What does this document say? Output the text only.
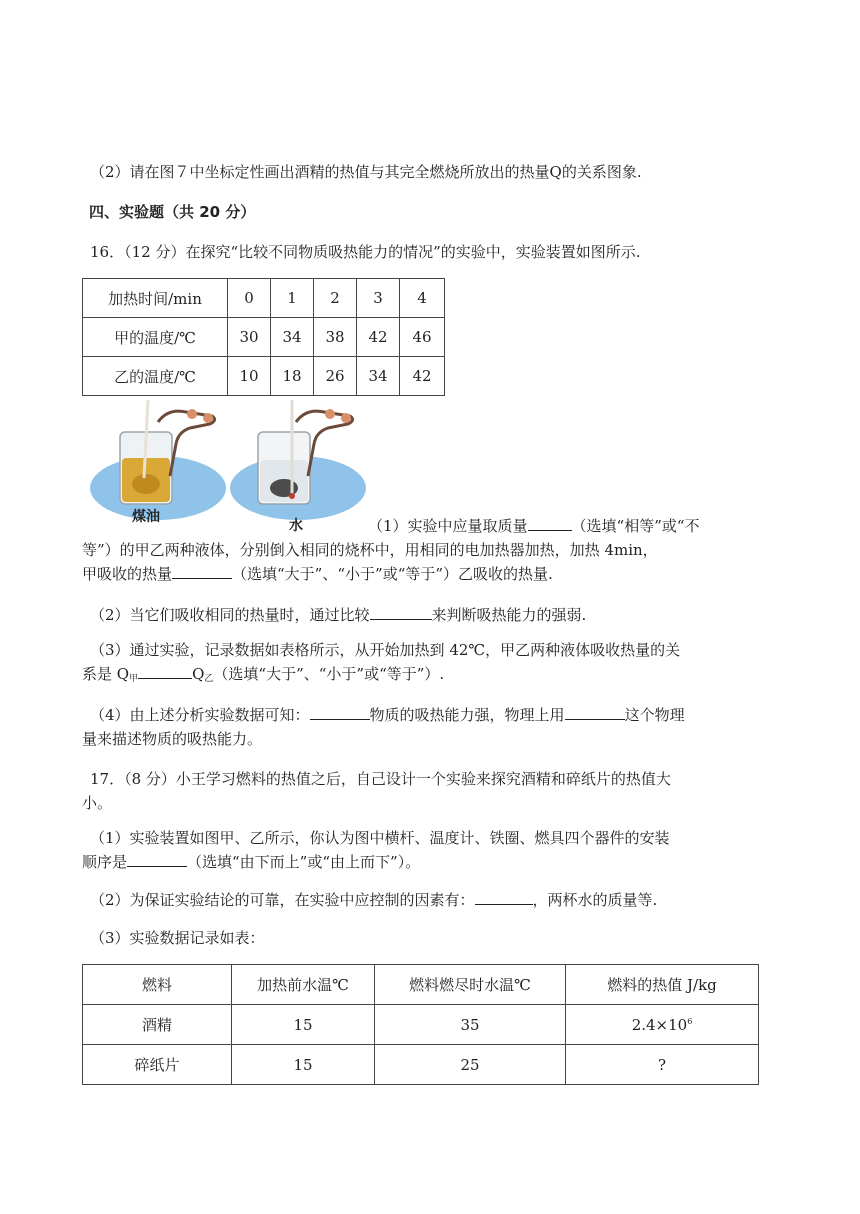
（2）请在图７中坐标定性画出酒精的热值与其完全燃烧所放出的热量Q的关系图象.
四、实验题（共 20 分）
16．（12 分）在探究“比较不同物质吸热能力的情况”的实验中，实验装置如图所示.
加热时间/min	0	1	2	3	4
甲的温度/℃	30	34	38	42	46
乙的温度/℃	10	18	26	34	42
煤油
水	（1）实验中应量取质量	（选填“相等”或“不
等”）的甲乙两种液体，分别倒入相同的烧杯中，用相同的电加热器加热，加热 4min，
甲吸收的热量	（选填“大于”、“小于”或“等于”）乙吸收的热量.
（2）当它们吸收相同的热量时，通过比较	来判断吸热能力的强弱.
（3）通过实验，记录数据如表格所示，从开始加热到 42℃，甲乙两种液体吸收热量的关
系是 $Q_甲$	$Q_乙$（选填“大于”、“小于”或“等于”）.
（4）由上述分析实验数据可知：	物质的吸热能力强，物理上用	这个物理
量来描述物质的吸热能力。
17．（8 分）小王学习燃料的热值之后，自己设计一个实验来探究酒精和碎纸片的热值大
小。
（1）实验装置如图甲、乙所示，你认为图中横杆、温度计、铁圈、燃具四个器件的安装
顺序是	（选填“由下而上”或“由上而下”）。
（2）为保证实验结论的可靠，在实验中应控制的因素有：	，两杯水的质量等.
（3）实验数据记录如表：
燃料	加热前水温℃	燃料燃尽时水温℃	燃料的热值 J/kg
酒精	15	35	$2.4\times 10^6$
碎纸片	15	25	?
